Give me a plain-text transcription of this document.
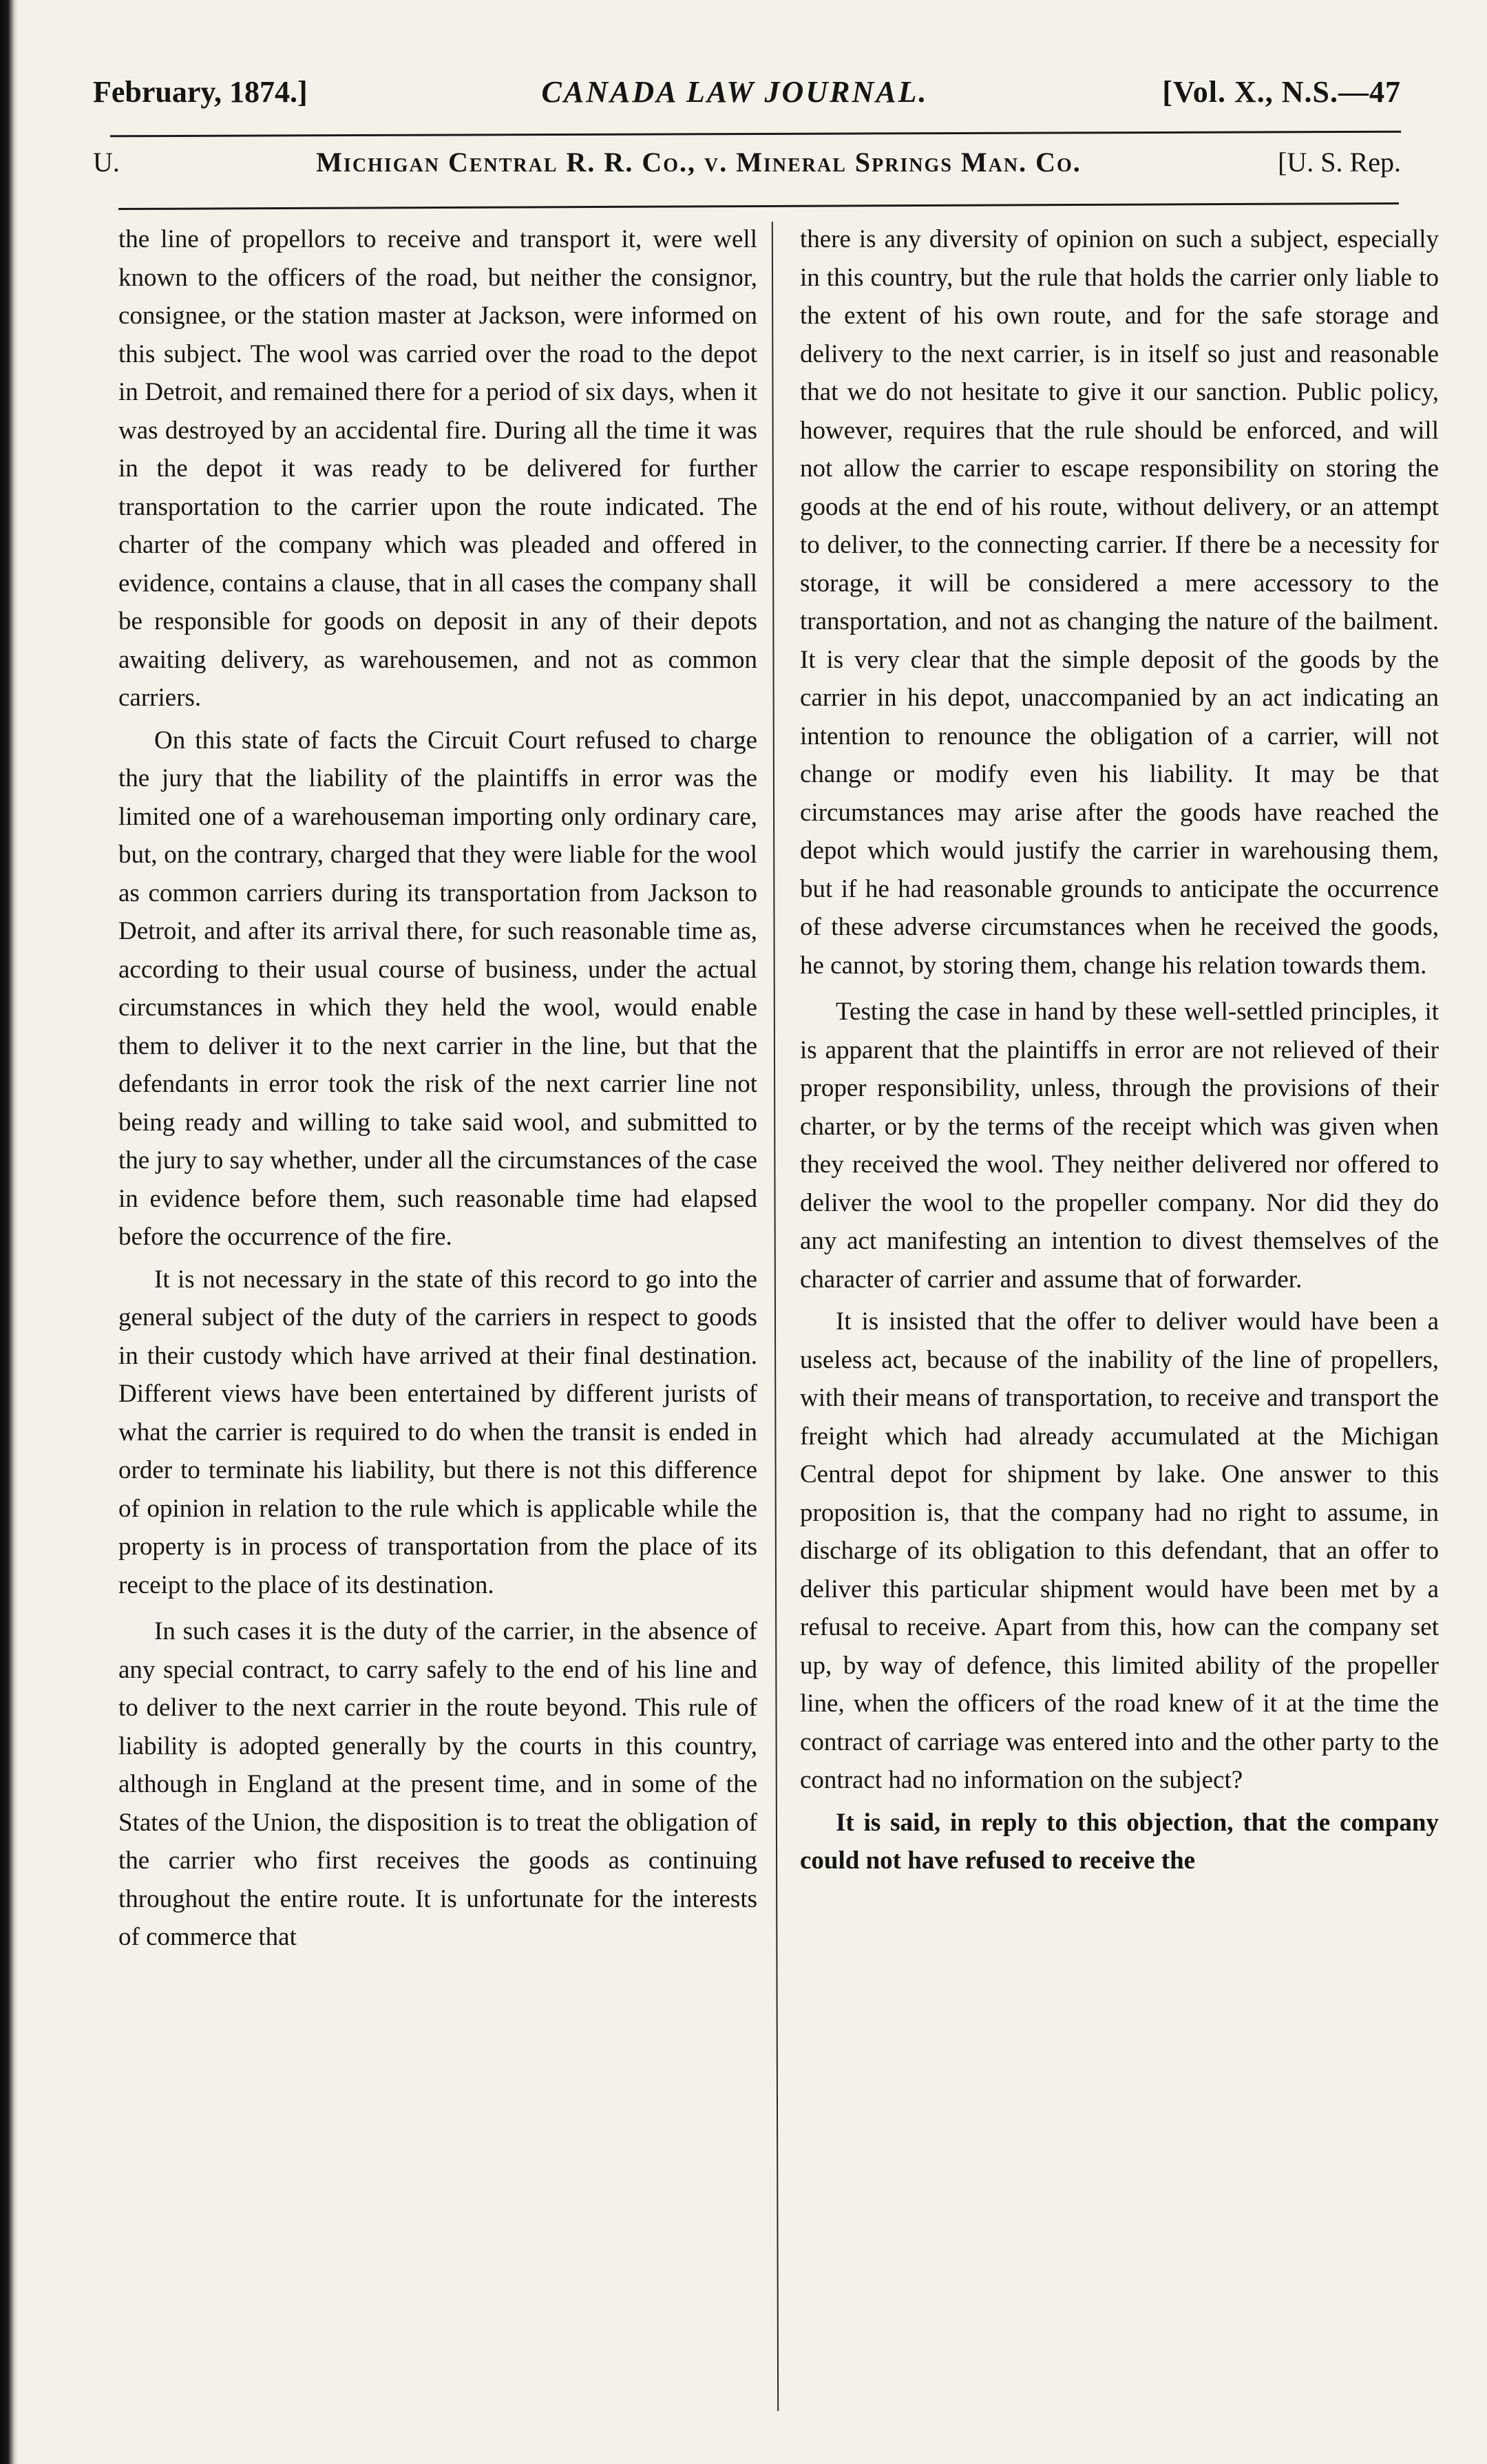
February, 1874.]	CANADA LAW JOURNAL.	[Vol. X., N.S.—47
U.	Michigan Central R. R. Co., v. Mineral Springs Man. Co.	[U. S. Rep.

the line of propellors to receive and transport it, were well known to the officers of the road, but neither the consignor, consignee, or the station master at Jackson, were informed on this subject. The wool was carried over the road to the depot in Detroit, and remained there for a period of six days, when it was destroyed by an accidental fire. During all the time it was in the depot it was ready to be delivered for further transportation to the carrier upon the route indicated. The charter of the company which was pleaded and offered in evidence, contains a clause, that in all cases the company shall be responsible for goods on deposit in any of their depots awaiting delivery, as warehousemen, and not as common carriers.

On this state of facts the Circuit Court refused to charge the jury that the liability of the plaintiffs in error was the limited one of a warehouseman importing only ordinary care, but, on the contrary, charged that they were liable for the wool as common carriers during its transportation from Jackson to Detroit, and after its arrival there, for such reasonable time as, according to their usual course of business, under the actual circumstances in which they held the wool, would enable them to deliver it to the next carrier in the line, but that the defendants in error took the risk of the next carrier line not being ready and willing to take said wool, and submitted to the jury to say whether, under all the circumstances of the case in evidence before them, such reasonable time had elapsed before the occurrence of the fire.

It is not necessary in the state of this record to go into the general subject of the duty of the carriers in respect to goods in their custody which have arrived at their final destination. Different views have been entertained by different jurists of what the carrier is required to do when the transit is ended in order to terminate his liability, but there is not this difference of opinion in relation to the rule which is applicable while the property is in process of transportation from the place of its receipt to the place of its destination.

In such cases it is the duty of the carrier, in the absence of any special contract, to carry safely to the end of his line and to deliver to the next carrier in the route beyond. This rule of liability is adopted generally by the courts in this country, although in England at the present time, and in some of the States of the Union, the disposition is to treat the obligation of the carrier who first receives the goods as continuing throughout the entire route. It is unfortunate for the interests of commerce that

there is any diversity of opinion on such a subject, especially in this country, but the rule that holds the carrier only liable to the extent of his own route, and for the safe storage and delivery to the next carrier, is in itself so just and reasonable that we do not hesitate to give it our sanction. Public policy, however, requires that the rule should be enforced, and will not allow the carrier to escape responsibility on storing the goods at the end of his route, without delivery, or an attempt to deliver, to the connecting carrier. If there be a necessity for storage, it will be considered a mere accessory to the transportation, and not as changing the nature of the bailment. It is very clear that the simple deposit of the goods by the carrier in his depot, unaccompanied by an act indicating an intention to renounce the obligation of a carrier, will not change or modify even his liability. It may be that circumstances may arise after the goods have reached the depot which would justify the carrier in warehousing them, but if he had reasonable grounds to anticipate the occurrence of these adverse circumstances when he received the goods, he cannot, by storing them, change his relation towards them.

Testing the case in hand by these well-settled principles, it is apparent that the plaintiffs in error are not relieved of their proper responsibility, unless, through the provisions of their charter, or by the terms of the receipt which was given when they received the wool. They neither delivered nor offered to deliver the wool to the propeller company. Nor did they do any act manifesting an intention to divest themselves of the character of carrier and assume that of forwarder.

It is insisted that the offer to deliver would have been a useless act, because of the inability of the line of propellers, with their means of transportation, to receive and transport the freight which had already accumulated at the Michigan Central depot for shipment by lake. One answer to this proposition is, that the company had no right to assume, in discharge of its obligation to this defendant, that an offer to deliver this particular shipment would have been met by a refusal to receive. Apart from this, how can the company set up, by way of defence, this limited ability of the propeller line, when the officers of the road knew of it at the time the contract of carriage was entered into and the other party to the contract had no information on the subject?

It is said, in reply to this objection, that the company could not have refused to receive the
